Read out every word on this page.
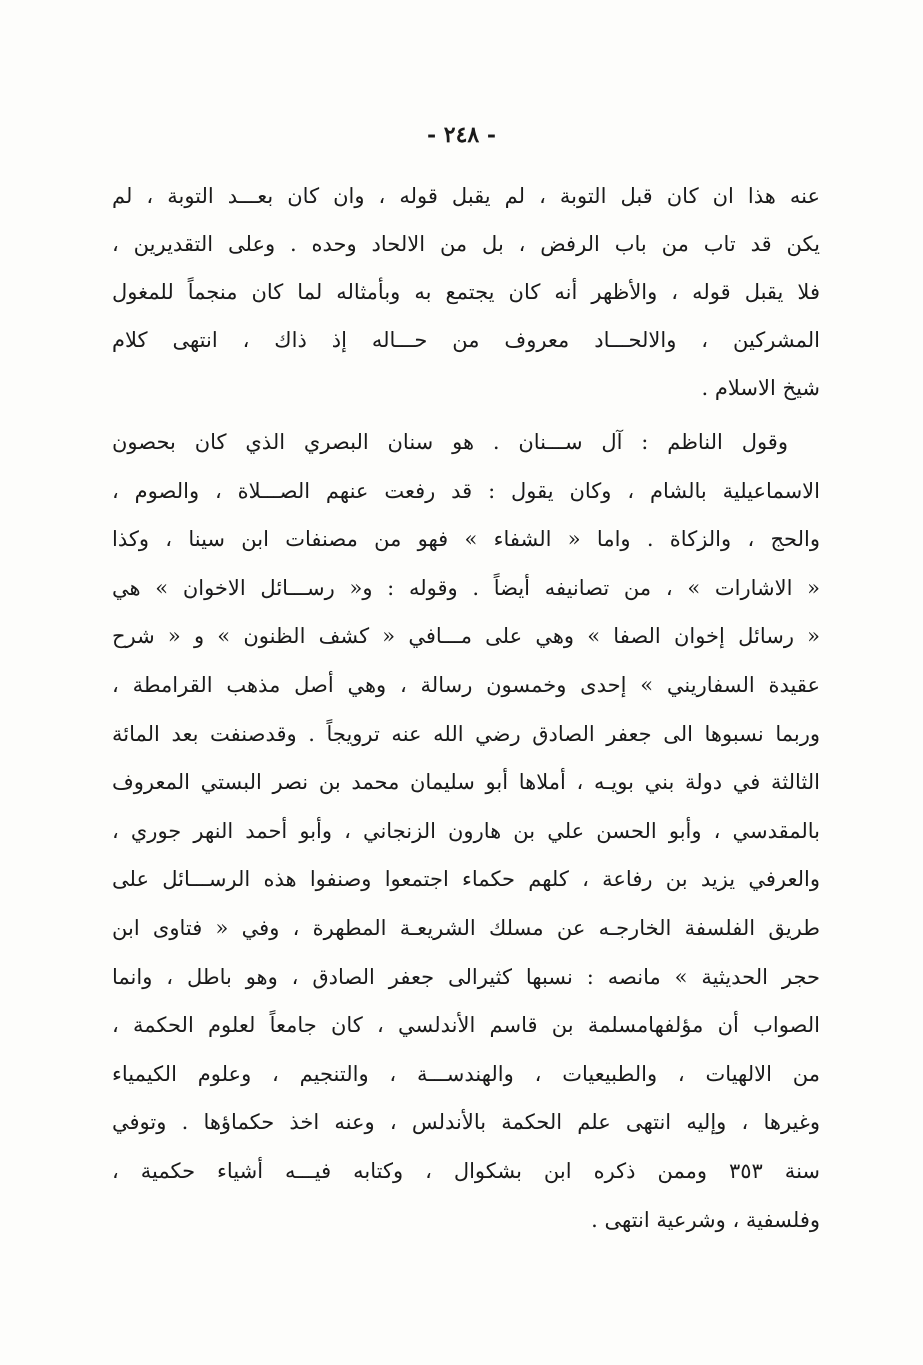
- ٢٤٨ -
عنه هذا ان كان قبل التوبة ، لم يقبل قوله ، وان كان بعـــد التوبة ، لم
يكن قد تاب من باب الرفض ، بل من الالحاد وحده . وعلى التقديرين ،
فلا يقبل قوله ، والأظهر أنه كان يجتمع به وبأمثاله لما كان منجماً للمغول
المشركين ، والالحـــاد معروف من حـــاله إذ ذاك ، انتهى كلام
شيخ الاسلام .
وقول الناظم : آل ســـنان . هو سنان البصري الذي كان بحصون
الاسماعيلية بالشام ، وكان يقول : قد رفعت عنهم الصـــلاة ، والصوم ،
والحج ، والزكاة . واما « الشفاء » فهو من مصنفات ابن سينا ، وكذا
« الاشارات » ، من تصانيفه أيضاً . وقوله : و« رســـائل الاخوان » هي
« رسائل إخوان الصفا » وهي على مـــافي « كشف الظنون » و « شرح
عقيدة السفاريني » إحدى وخمسون رسالة ، وهي أصل مذهب القرامطة ،
وربما نسبوها الى جعفر الصادق رضي الله عنه ترويجاً . وقدصنفت بعد المائة
الثالثة في دولة بني بويـه ، أملاها أبو سليمان محمد بن نصر البستي المعروف
بالمقدسي ، وأبو الحسن علي بن هارون الزنجاني ، وأبو أحمد النهر جوري ،
والعرفي يزيد بن رفاعة ، كلهم حكماء اجتمعوا وصنفوا هذه الرســـائل على
طريق الفلسفة الخارجـه عن مسلك الشريعـة المطهرة ، وفي « فتاوى ابن
حجر الحديثية » مانصه : نسبها كثيرالى جعفر الصادق ، وهو باطل ، وانما
الصواب أن مؤلفهامسلمة بن قاسم الأندلسي ، كان جامعاً لعلوم الحكمة ،
من الالهيات ، والطبيعيات ، والهندســـة ، والتنجيم ، وعلوم الكيمياء
وغيرها ، وإليه انتهى علم الحكمة بالأندلس ، وعنه اخذ حكماؤها . وتوفي
سنة ٣٥٣ وممن ذكره ابن بشكوال ، وكتابه فيـــه أشياء حكمية ،
وفلسفية ، وشرعية انتهى .
